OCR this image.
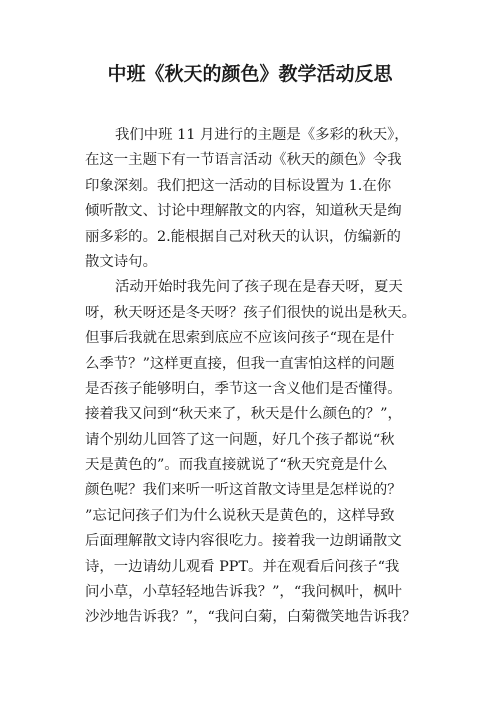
中班《秋天的颜色》教学活动反思
我们中班 11 月进行的主题是《多彩的秋天》，
在这一主题下有一节语言活动《秋天的颜色》令我
印象深刻。我们把这一活动的目标设置为 1.在你
倾听散文、讨论中理解散文的内容，知道秋天是绚
丽多彩的。2.能根据自己对秋天的认识，仿编新的
散文诗句。
活动开始时我先问了孩子现在是春天呀，夏天
呀，秋天呀还是冬天呀？孩子们很快的说出是秋天。
但事后我就在思索到底应不应该问孩子“现在是什
么季节？”这样更直接，但我一直害怕这样的问题
是否孩子能够明白，季节这一含义他们是否懂得。
接着我又问到“秋天来了，秋天是什么颜色的？”，
请个别幼儿回答了这一问题，好几个孩子都说“秋
天是黄色的”。而我直接就说了“秋天究竟是什么
颜色呢？我们来听一听这首散文诗里是怎样说的？
”忘记问孩子们为什么说秋天是黄色的，这样导致
后面理解散文诗内容很吃力。接着我一边朗诵散文
诗，一边请幼儿观看 PPT。并在观看后问孩子“我
问小草，小草轻轻地告诉我？”，“我问枫叶，枫叶
沙沙地告诉我？”，“我问白菊，白菊微笑地告诉我？
